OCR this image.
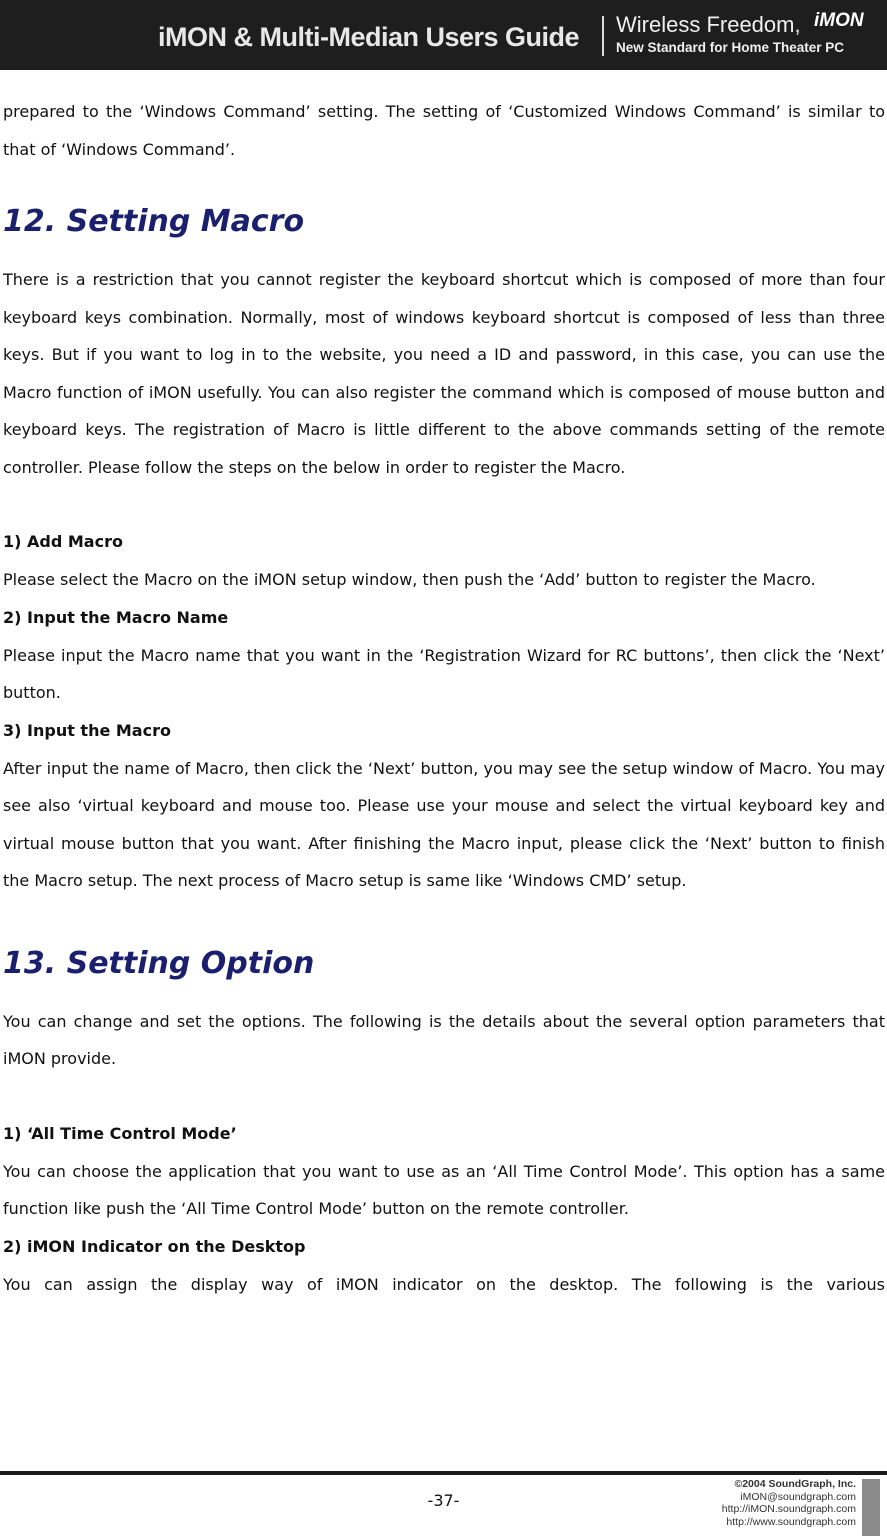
iMON & Multi-Median Users Guide Wireless Freedom, iMON
New Standard for Home Theater PC

prepared to the ‘Windows Command’ setting. The setting of ‘Customized Windows Command’ is similar to that of ‘Windows Command’.

12. Setting Macro

There is a restriction that you cannot register the keyboard shortcut which is composed of more than four keyboard keys combination. Normally, most of windows keyboard shortcut is composed of less than three keys. But if you want to log in to the website, you need a ID and password, in this case, you can use the Macro function of iMON usefully. You can also register the command which is composed of mouse button and keyboard keys. The registration of Macro is little different to the above commands setting of the remote controller. Please follow the steps on the below in order to register the Macro.

1) Add Macro

Please select the Macro on the iMON setup window, then push the ‘Add’ button to register the Macro.

2) Input the Macro Name

Please input the Macro name that you want in the ‘Registration Wizard for RC buttons’, then click the ‘Next’ button.

3) Input the Macro

After input the name of Macro, then click the ‘Next’ button, you may see the setup window of Macro. You may see also ‘virtual keyboard and mouse too. Please use your mouse and select the virtual keyboard key and virtual mouse button that you want. After finishing the Macro input, please click the ‘Next’ button to finish the Macro setup. The next process of Macro setup is same like ‘Windows CMD’ setup.

13. Setting Option

You can change and set the options. The following is the details about the several option parameters that iMON provide.

1) ‘All Time Control Mode’

You can choose the application that you want to use as an ‘All Time Control Mode’. This option has a same function like push the ‘All Time Control Mode’ button on the remote controller.

2) iMON Indicator on the Desktop

You can assign the display way of iMON indicator on the desktop. The following is the various

-37-
©2004 SoundGraph, Inc.
iMON@soundgraph.com
http://iMON.soundgraph.com
http://www.soundgraph.com
